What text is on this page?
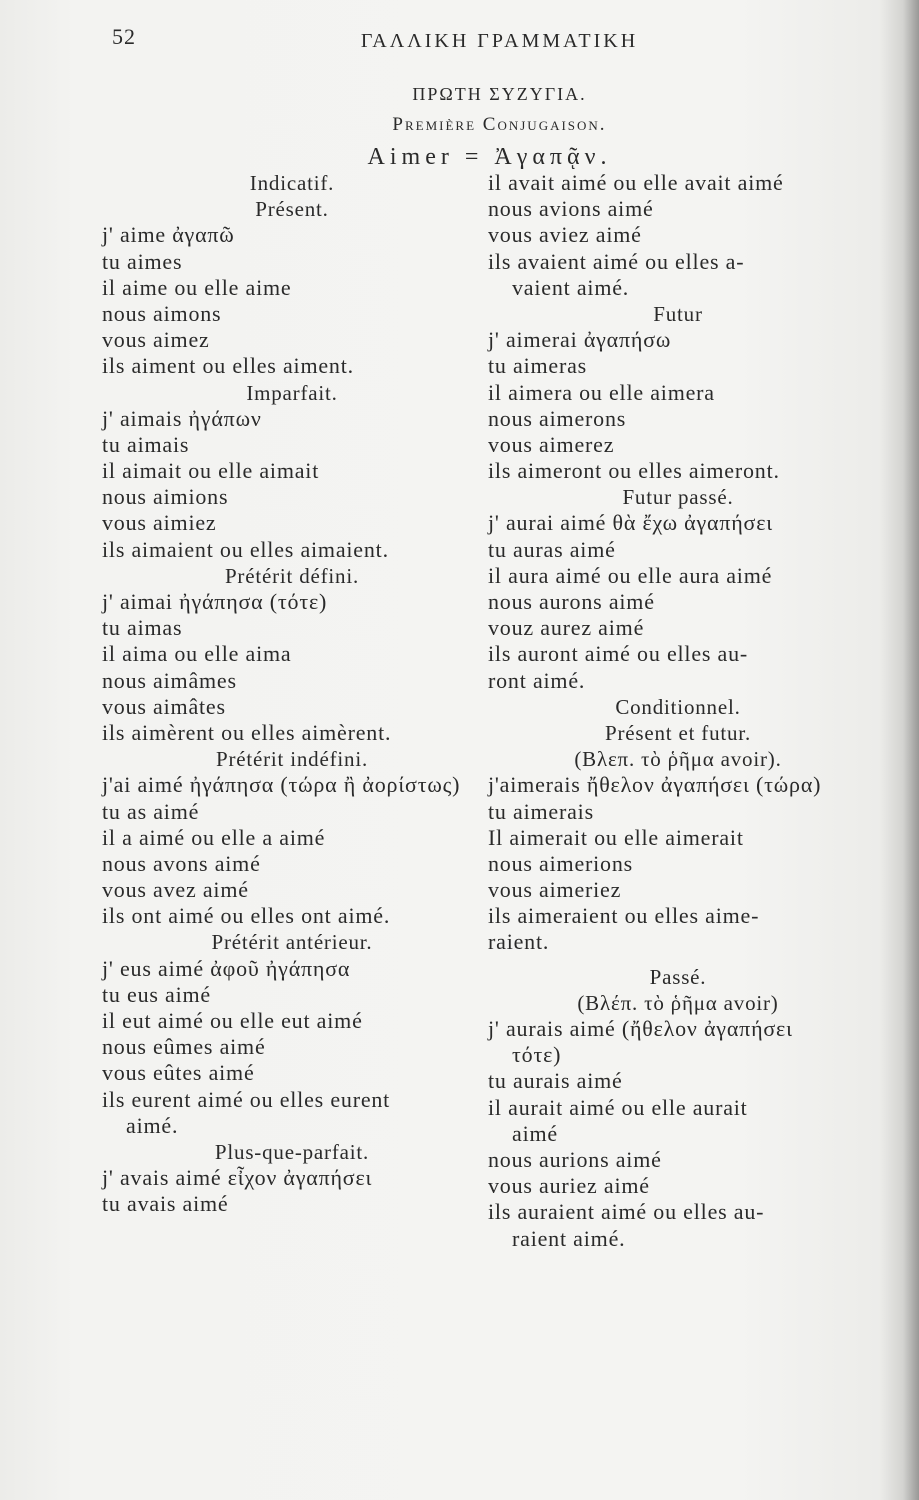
52	ΓΑΛΛΙΚΗ ΓΡΑΜΜΑΤΙΚΗ
ΠΡΩΤΗ ΣΥΖΥΓΙΑ.
Première Conjugaison.
Aimer = Ἀγαπᾷν.
Indicatif.
Présent.
j' aime ἀγαπῶ
tu aimes
il aime ou elle aime
nous aimons
vous aimez
ils aiment ou elles aiment.
Imparfait.
j' aimais ἠγάπων
tu aimais
il aimait ou elle aimait
nous aimions
vous aimiez
ils aimaient ou elles aimaient.
Prétérit défini.
j' aimai ἠγάπησα (τότε)
tu aimas
il aima ou elle aima
nous aimâmes
vous aimâtes
ils aimèrent ou elles aimèrent.
Prétérit indéfini.
j'ai aimé ἠγάπησα (τώρα ἢ ἀορίστως)
tu as aimé
il a aimé ou elle a aimé
nous avons aimé
vous avez aimé
ils ont aimé ou elles ont aimé.
Prétérit antérieur.
j' eus aimé ἀφοῦ ἠγάπησα
tu eus aimé
il eut aimé ou elle eut aimé
nous eûmes aimé
vous eûtes aimé
ils eurent aimé ou elles eurent
aimé.
Plus-que-parfait.
j' avais aimé εἶχον ἀγαπήσει
tu avais aimé
il avait aimé ou elle avait aimé
nous avions aimé
vous aviez aimé
ils avaient aimé ou elles a-
vaient aimé.
Futur
j' aimerai ἀγαπήσω
tu aimeras
il aimera ou elle aimera
nous aimerons
vous aimerez
ils aimeront ou elles aimeront.
Futur passé.
j' aurai aimé θὰ ἔχω ἀγαπήσει
tu auras aimé
il aura aimé ou elle aura aimé
nous aurons aimé
vouz aurez aimé
ils auront aimé ou elles au-
ront aimé.
Conditionnel.
Présent et futur.
(Βλεπ. τὸ ῥῆμα avoir).
j'aimerais ἤθελον ἀγαπήσει (τώρα)
tu aimerais
Il aimerait ou elle aimerait
nous aimerions
vous aimeriez
ils aimeraient ou elles aime-
raient.
Passé.
(Βλέπ. τὸ ῥῆμα avoir)
j' aurais aimé (ἤθελον ἀγαπήσει
τότε)
tu aurais aimé
il aurait aimé ou elle aurait
aimé
nous aurions aimé
vous auriez aimé
ils auraient aimé ou elles au-
raient aimé.
